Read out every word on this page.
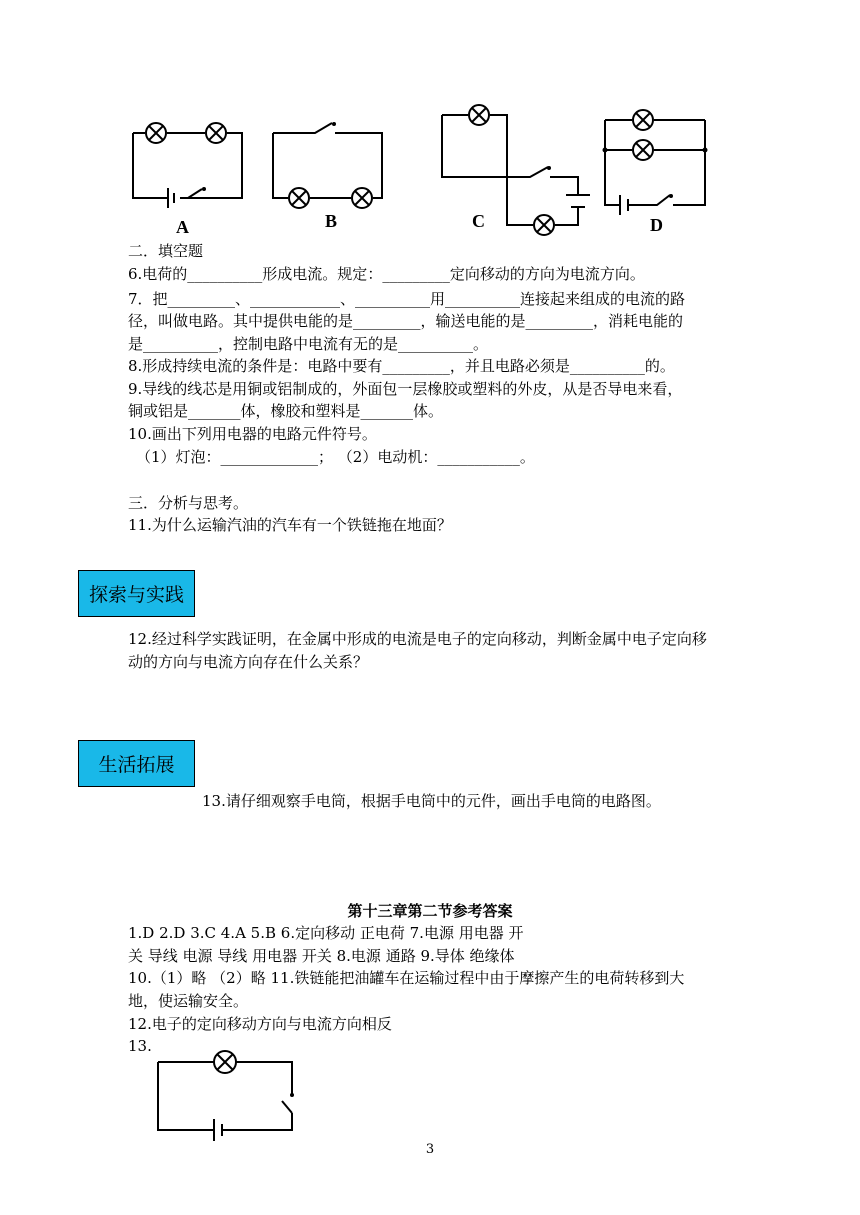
A	B	C	D
二．填空题
6.电荷的__________形成电流。规定：_________定向移动的方向为电流方向。
7．把_________、____________、__________用__________连接起来组成的电流的路
径，叫做电路。其中提供电能的是_________，输送电能的是_________，消耗电能的
是__________，控制电路中电流有无的是__________。
8.形成持续电流的条件是：电路中要有_________，并且电路必须是__________的。
9.导线的线芯是用铜或铝制成的，外面包一层橡胶或塑料的外皮，从是否导电来看，
铜或铝是_______体，橡胶和塑料是_______体。
10.画出下列用电器的电路元件符号。
（1）灯泡：_____________； （2）电动机：___________。
三．分析与思考。
11.为什么运输汽油的汽车有一个铁链拖在地面？
探索与实践
12.经过科学实践证明，在金属中形成的电流是电子的定向移动，判断金属中电子定向移
动的方向与电流方向存在什么关系？
生活拓展
13.请仔细观察手电筒，根据手电筒中的元件，画出手电筒的电路图。
第十三章第二节参考答案
1.D 2.D 3.C 4.A 5.B 6.定向移动 正电荷 7.电源 用电器 开
关 导线 电源 导线 用电器 开关 8.电源 通路 9.导体 绝缘体
10.（1）略 （2）略 11.铁链能把油罐车在运输过程中由于摩擦产生的电荷转移到大
地，使运输安全。
12.电子的定向移动方向与电流方向相反
13.
3
